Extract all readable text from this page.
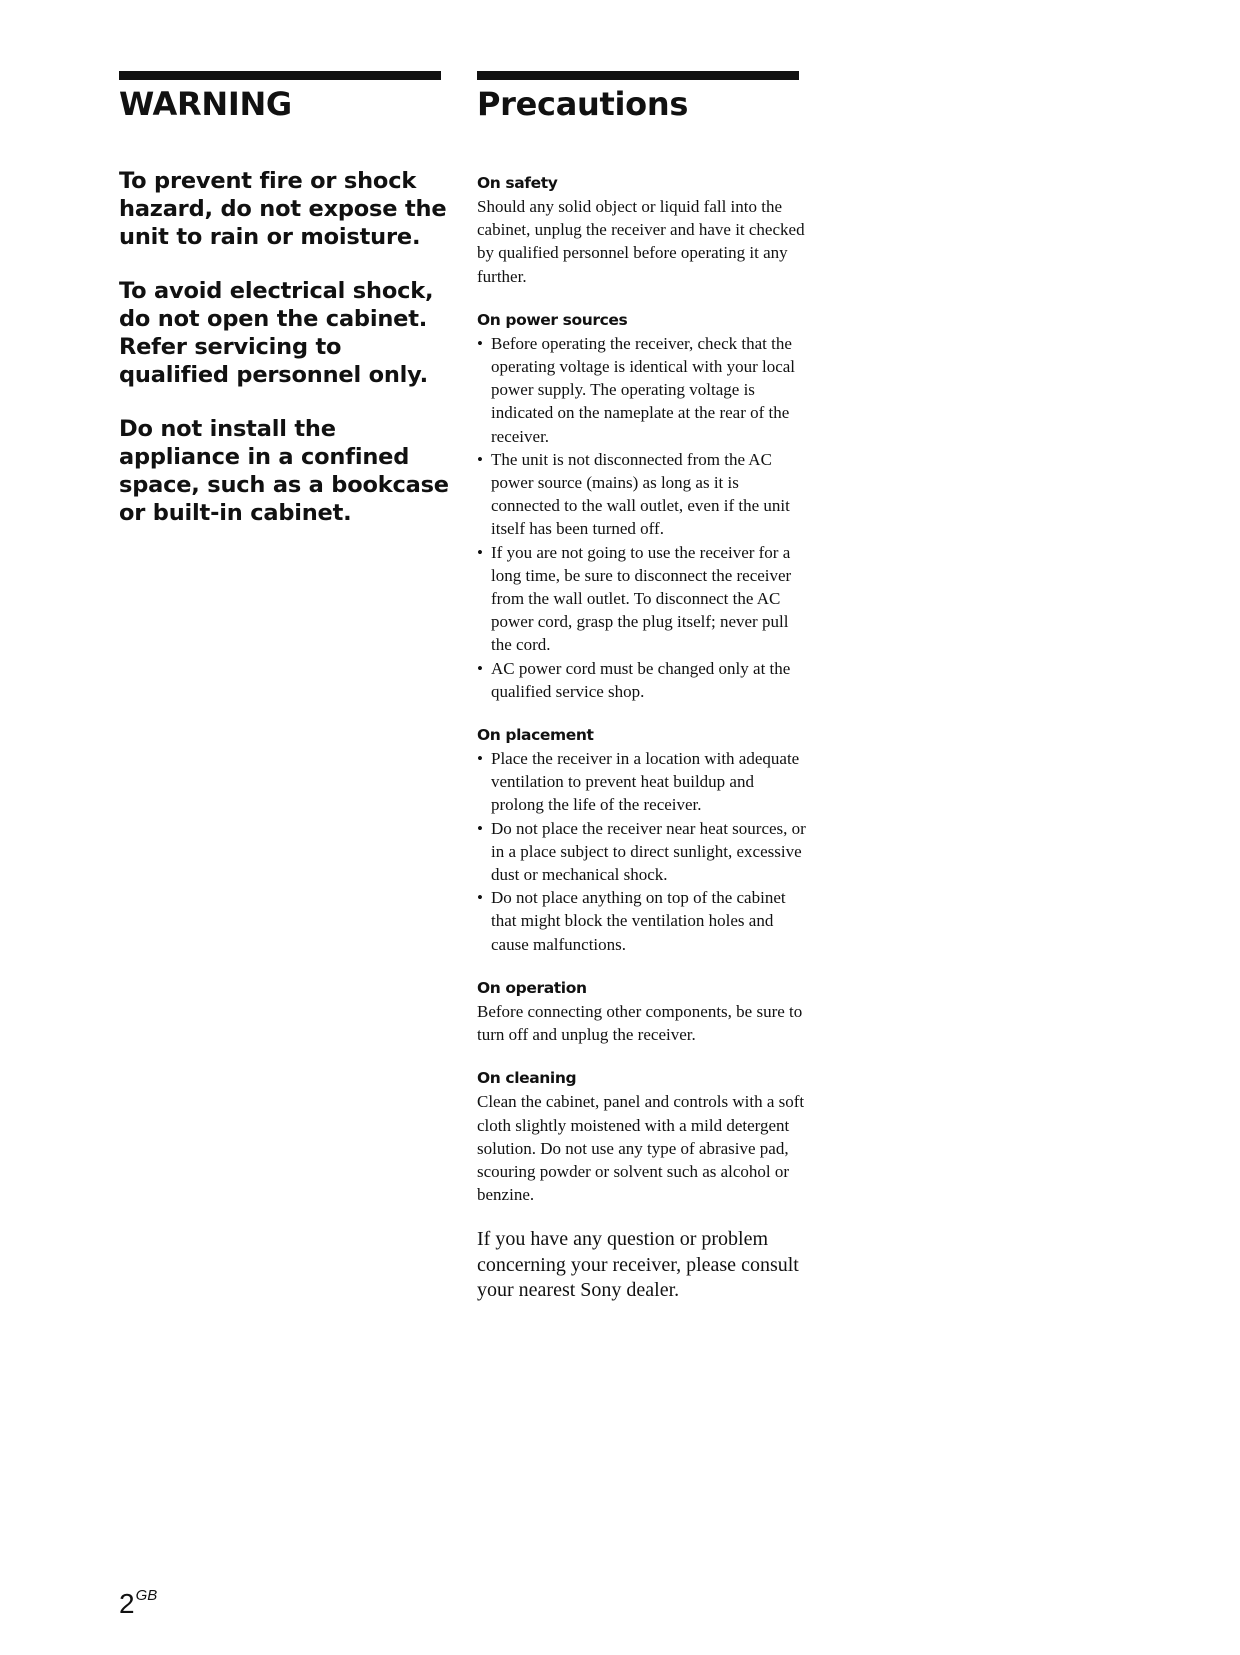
WARNING

To prevent fire or shock hazard, do not expose the unit to rain or moisture.

To avoid electrical shock, do not open the cabinet. Refer servicing to qualified personnel only.

Do not install the appliance in a confined space, such as a bookcase or built-in cabinet.

Precautions
On safety

Should any solid object or liquid fall into the cabinet, unplug the receiver and have it checked by qualified personnel before operating it any further.

On power sources
• Before operating the receiver, check that the operating voltage is identical with your local power supply. The operating voltage is indicated on the nameplate at the rear of the receiver.
• The unit is not disconnected from the AC power source (mains) as long as it is connected to the wall outlet, even if the unit itself has been turned off.
• If you are not going to use the receiver for a long time, be sure to disconnect the receiver from the wall outlet. To disconnect the AC power cord, grasp the plug itself; never pull the cord.
• AC power cord must be changed only at the qualified service shop.
On placement
• Place the receiver in a location with adequate ventilation to prevent heat buildup and prolong the life of the receiver.
• Do not place the receiver near heat sources, or in a place subject to direct sunlight, excessive dust or mechanical shock.
• Do not place anything on top of the cabinet that might block the ventilation holes and cause malfunctions.
On operation

Before connecting other components, be sure to turn off and unplug the receiver.

On cleaning

Clean the cabinet, panel and controls with a soft cloth slightly moistened with a mild detergent solution. Do not use any type of abrasive pad, scouring powder or solvent such as alcohol or benzine.

If you have any question or problem concerning your receiver, please consult your nearest Sony dealer.

$2^{GB}$
